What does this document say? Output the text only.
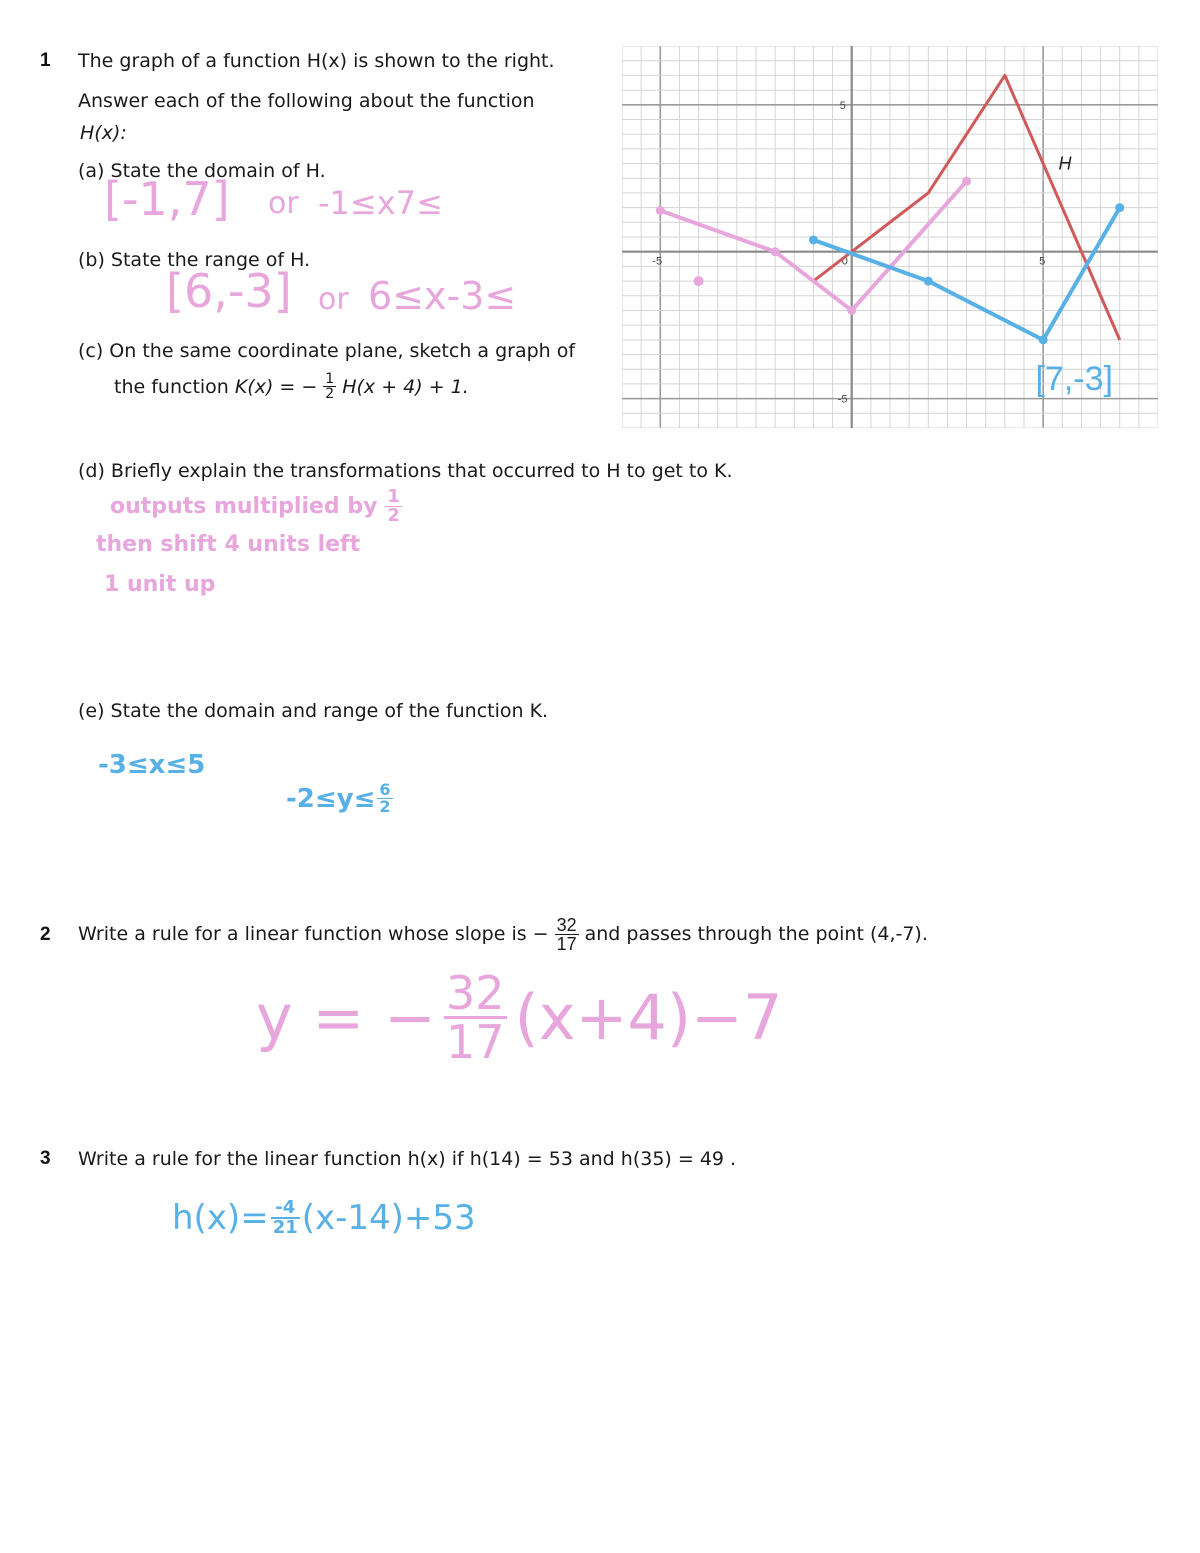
1 The graph of a function H(x) is shown to the right.
Answer each of the following about the function
H(x):
(a) State the domain of H.
[-1,7] or -1≤x7≤
(b) State the range of H.
[6,-3] or 6≤x-3≤
(c) On the same coordinate plane, sketch a graph of
the function K(x) = − $\frac{1}{2} H(x + 4) + 1$.
-5	0	5
5
-5
H
[7,-3]
(d) Briefly explain the transformations that occurred to H to get to K.
outputs multiplied by $\frac{1}{2}$
then shift 4 units left
1 unit up
(e) State the domain and range of the function K.
-3≤x≤5
$-2\le y\le \frac{6}{2}$
2 Write a rule for a linear function whose slope is − $\frac{32}{17}$ and passes through the point (4,-7).
y = − $\frac{32}{17} (x+4)-7$
3 Write a rule for the linear function h(x) if h(14) = 53 and h(35) = 49 .
$h(x)= \frac{-4}{21} (x-14)+53$
